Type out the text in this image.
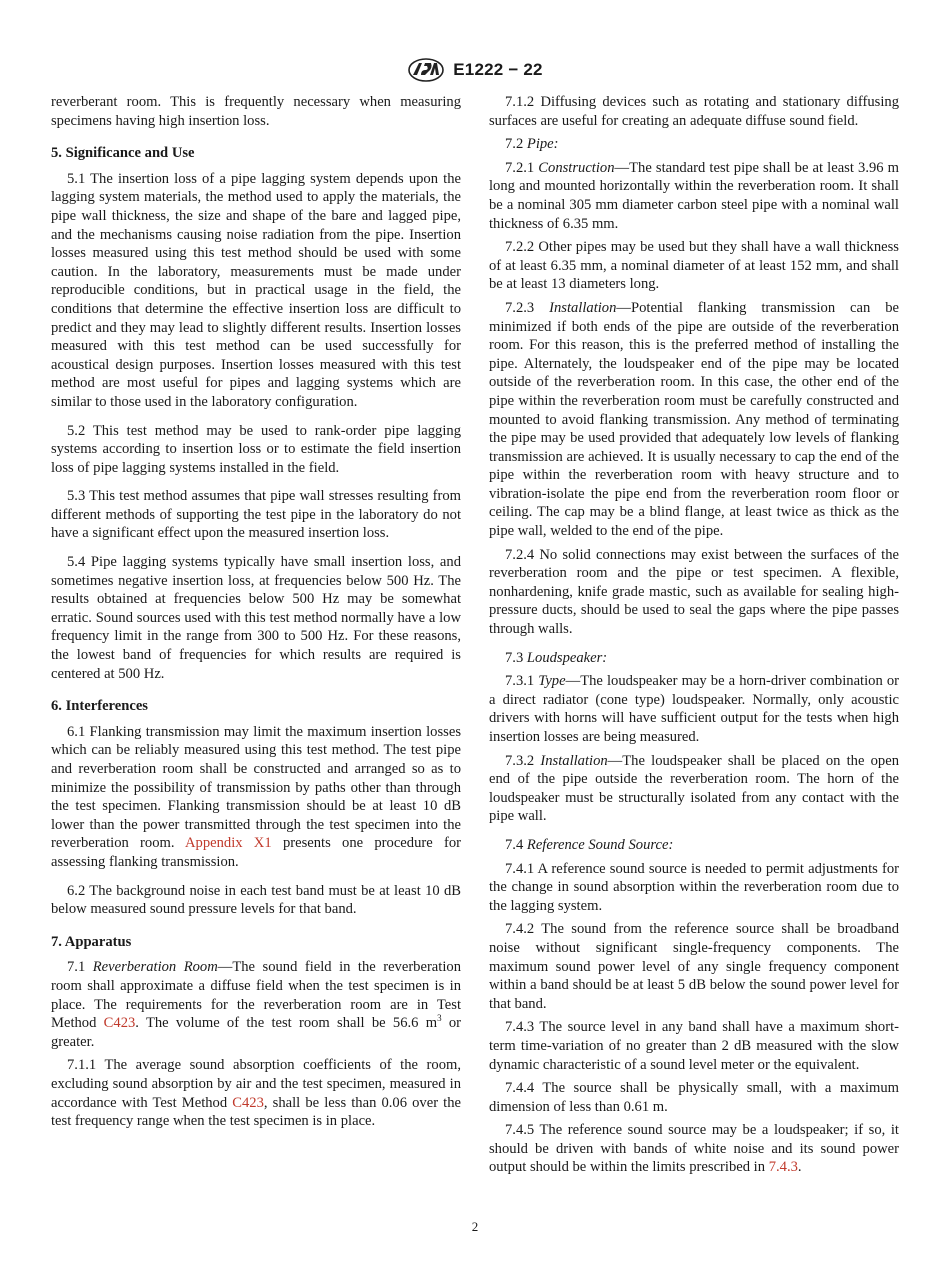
E1222 − 22

reverberant room. This is frequently necessary when measuring specimens having high insertion loss.

5. Significance and Use

5.1 The insertion loss of a pipe lagging system depends upon the lagging system materials, the method used to apply the materials, the pipe wall thickness, the size and shape of the bare and lagged pipe, and the mechanisms causing noise radiation from the pipe. Insertion losses measured using this test method should be used with some caution. In the laboratory, measurements must be made under reproducible conditions, but in practical usage in the field, the conditions that determine the effective insertion loss are difficult to predict and they may lead to slightly different results. Insertion losses measured with this test method can be used successfully for acoustical design purposes. Insertion losses measured with this test method are most useful for pipes and lagging systems which are similar to those used in the laboratory configuration.

5.2 This test method may be used to rank-order pipe lagging systems according to insertion loss or to estimate the field insertion loss of pipe lagging systems installed in the field.

5.3 This test method assumes that pipe wall stresses resulting from different methods of supporting the test pipe in the laboratory do not have a significant effect upon the measured insertion loss.

5.4 Pipe lagging systems typically have small insertion loss, and sometimes negative insertion loss, at frequencies below 500 Hz. The results obtained at frequencies below 500 Hz may be somewhat erratic. Sound sources used with this test method normally have a low frequency limit in the range from 300 to 500 Hz. For these reasons, the lowest band of frequencies for which results are required is centered at 500 Hz.

6. Interferences

6.1 Flanking transmission may limit the maximum insertion losses which can be reliably measured using this test method. The test pipe and reverberation room shall be constructed and arranged so as to minimize the possibility of transmission by paths other than through the test specimen. Flanking transmission should be at least 10 dB lower than the power transmitted through the test specimen into the reverberation room. Appendix X1 presents one procedure for assessing flanking transmission.

6.2 The background noise in each test band must be at least 10 dB below measured sound pressure levels for that band.

7. Apparatus

7.1 Reverberation Room—The sound field in the reverberation room shall approximate a diffuse field when the test specimen is in place. The requirements for the reverberation room are in Test Method C423. The volume of the test room shall be 56.6 $m^3$ or greater.

7.1.1 The average sound absorption coefficients of the room, excluding sound absorption by air and the test specimen, measured in accordance with Test Method C423, shall be less than 0.06 over the test frequency range when the test specimen is in place.

7.1.2 Diffusing devices such as rotating and stationary diffusing surfaces are useful for creating an adequate diffuse sound field.

7.2 Pipe:

7.2.1 Construction—The standard test pipe shall be at least 3.96 m long and mounted horizontally within the reverberation room. It shall be a nominal 305 mm diameter carbon steel pipe with a nominal wall thickness of 6.35 mm.

7.2.2 Other pipes may be used but they shall have a wall thickness of at least 6.35 mm, a nominal diameter of at least 152 mm, and shall be at least 13 diameters long.

7.2.3 Installation—Potential flanking transmission can be minimized if both ends of the pipe are outside of the reverberation room. For this reason, this is the preferred method of installing the pipe. Alternately, the loudspeaker end of the pipe may be located outside of the reverberation room. In this case, the other end of the pipe within the reverberation room must be carefully constructed and mounted to avoid flanking transmission. Any method of terminating the pipe may be used provided that adequately low levels of flanking transmission are achieved. It is usually necessary to cap the end of the pipe within the reverberation room with heavy structure and to vibration-isolate the pipe end from the reverberation room floor or ceiling. The cap may be a blind flange, at least twice as thick as the pipe wall, welded to the end of the pipe.

7.2.4 No solid connections may exist between the surfaces of the reverberation room and the pipe or test specimen. A flexible, nonhardening, knife grade mastic, such as available for sealing high-pressure ducts, should be used to seal the gaps where the pipe passes through walls.

7.3 Loudspeaker:

7.3.1 Type—The loudspeaker may be a horn-driver combination or a direct radiator (cone type) loudspeaker. Normally, only acoustic drivers with horns will have sufficient output for the tests when high insertion losses are being measured.

7.3.2 Installation—The loudspeaker shall be placed on the open end of the pipe outside the reverberation room. The horn of the loudspeaker must be structurally isolated from any contact with the pipe wall.

7.4 Reference Sound Source:

7.4.1 A reference sound source is needed to permit adjustments for the change in sound absorption within the reverberation room due to the lagging system.

7.4.2 The sound from the reference source shall be broadband noise without significant single-frequency components. The maximum sound power level of any single frequency component within a band should be at least 5 dB below the sound power level for that band.

7.4.3 The source level in any band shall have a maximum short-term time-variation of no greater than 2 dB measured with the slow dynamic characteristic of a sound level meter or the equivalent.

7.4.4 The source shall be physically small, with a maximum dimension of less than 0.61 m.

7.4.5 The reference sound source may be a loudspeaker; if so, it should be driven with bands of white noise and its sound power output should be within the limits prescribed in 7.4.3.

2
